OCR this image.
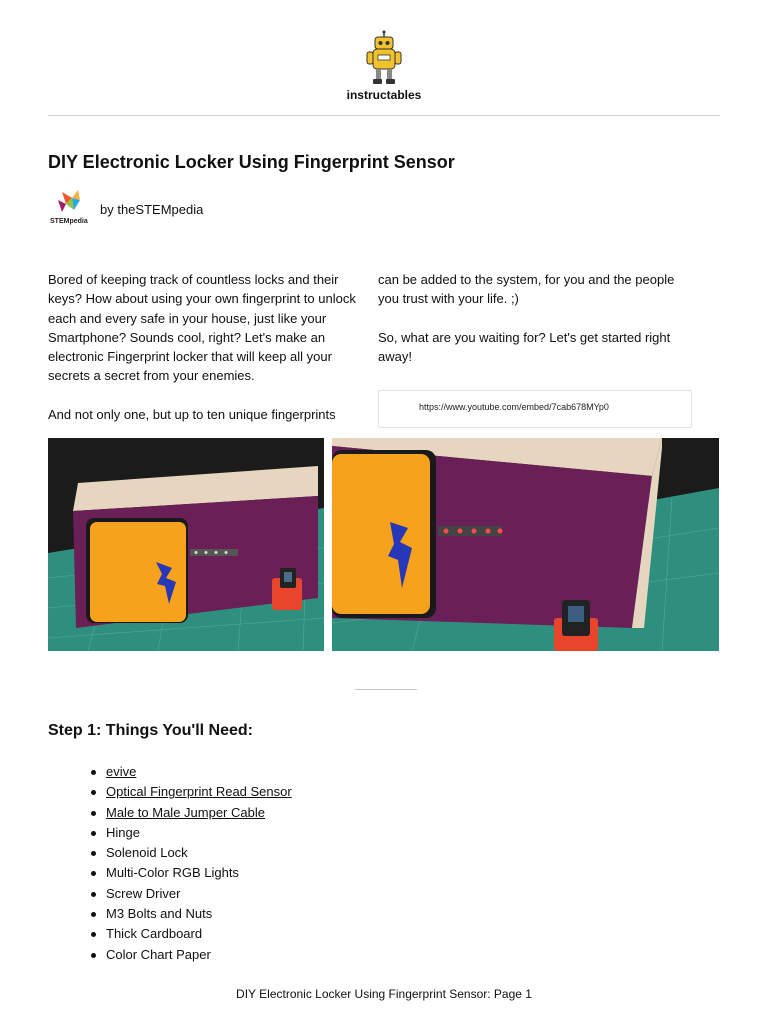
instructables
DIY Electronic Locker Using Fingerprint Sensor
STEMpedia
by theSTEMpedia

Bored of keeping track of countless locks and their keys? How about using your own fingerprint to unlock each and every safe in your house, just like your Smartphone? Sounds cool, right? Let's make an electronic Fingerprint locker that will keep all your secrets a secret from your enemies.

And not only one, but up to ten unique fingerprints

can be added to the system, for you and the people you trust with your life. ;)

So, what are you waiting for? Let's get started right away!

https://www.youtube.com/embed/7cab678MYp0
Step 1: Things You'll Need:
evive
Optical Fingerprint Read Sensor
Male to Male Jumper Cable
Hinge
Solenoid Lock
Multi-Color RGB Lights
Screw Driver
M3 Bolts and Nuts
Thick Cardboard
Color Chart Paper
DIY Electronic Locker Using Fingerprint Sensor: Page 1
